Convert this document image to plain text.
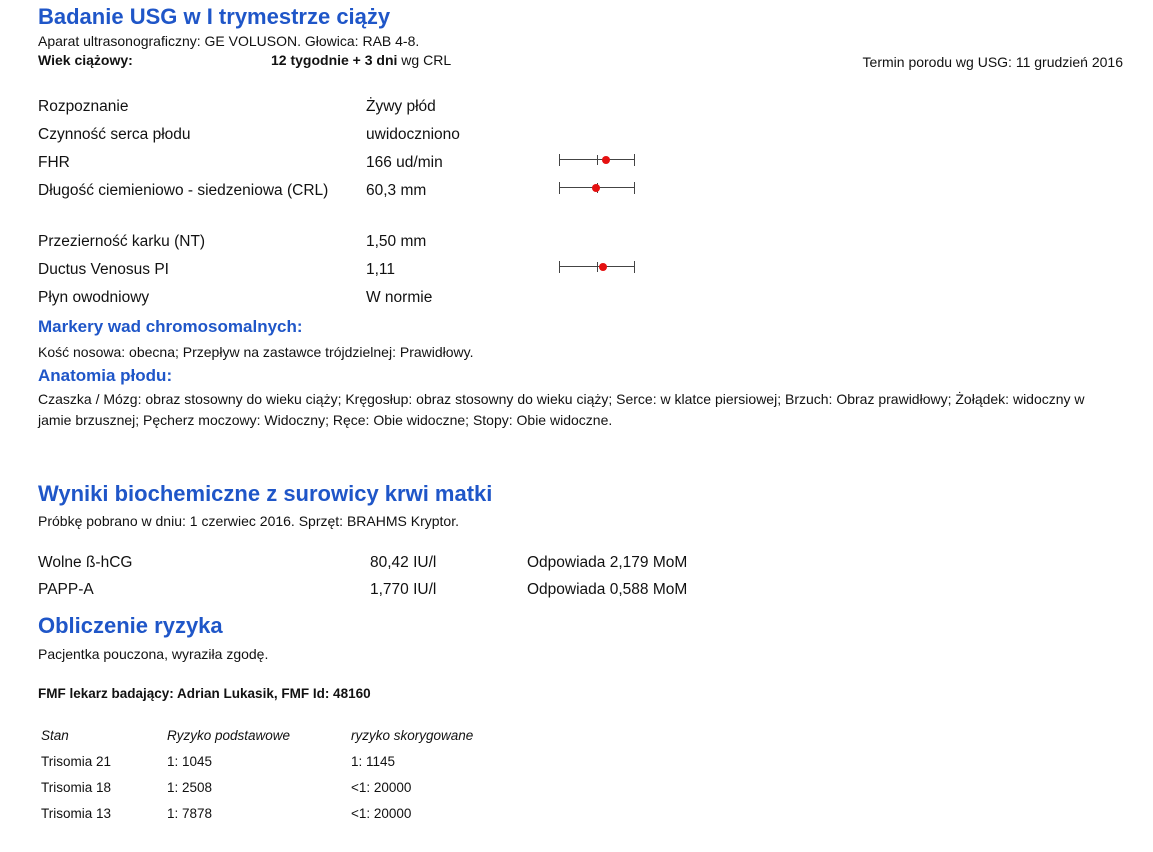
Badanie USG w I trymestrze ciąży
Aparat ultrasonograficzny: GE VOLUSON. Głowica: RAB 4-8.
Wiek ciążowy:	12 tygodnie + 3 dni wg CRL	Termin porodu wg USG: 11 grudzień 2016
Rozpoznanie	Żywy płód
Czynność serca płodu	uwidoczniono
FHR	166 ud/min
Długość ciemieniowo - siedzeniowa (CRL)	60,3 mm
Przezierność karku (NT)	1,50 mm
Ductus Venosus PI	1,11
Płyn owodniowy	W normie
Markery wad chromosomalnych:
Kość nosowa: obecna; Przepływ na zastawce trójdzielnej: Prawidłowy.
Anatomia płodu:
Czaszka / Mózg: obraz stosowny do wieku ciąży; Kręgosłup: obraz stosowny do wieku ciąży; Serce: w klatce piersiowej; Brzuch: Obraz prawidłowy; Żołądek: widoczny w jamie brzusznej; Pęcherz moczowy: Widoczny; Ręce: Obie widoczne; Stopy: Obie widoczne.
Wyniki biochemiczne z surowicy krwi matki
Próbkę pobrano w dniu: 1 czerwiec 2016. Sprzęt: BRAHMS Kryptor.
Wolne ß-hCG	80,42 IU/l	Odpowiada 2,179 MoM
PAPP-A	1,770 IU/l	Odpowiada 0,588 MoM
Obliczenie ryzyka
Pacjentka pouczona, wyraziła zgodę.
FMF lekarz badający: Adrian Lukasik, FMF Id: 48160
Stan	Ryzyko podstawowe	ryzyko skorygowane
Trisomia 21	1: 1045	1: 1145
Trisomia 18	1: 2508	<1: 20000
Trisomia 13	1: 7878	<1: 20000
